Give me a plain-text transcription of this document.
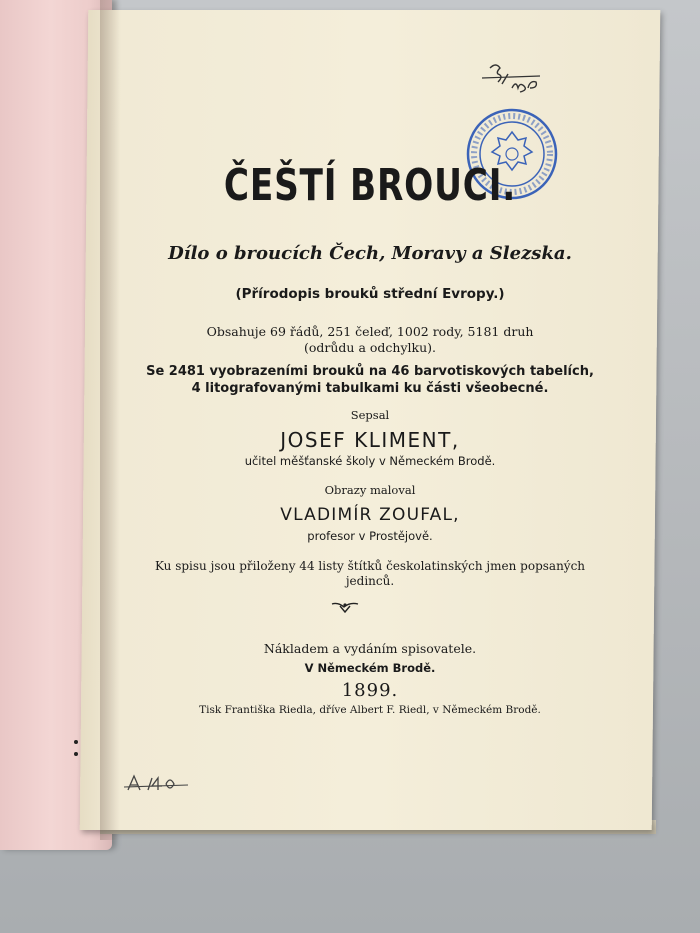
ČEŠTÍ BROUCI.
Dílo o broucích Čech, Moravy a Slezska.
(Přírodopis brouků střední Evropy.)
Obsahuje 69 řádů, 251 čeleď, 1002 rody, 5181 druh
(odrůdu a odchylku).
Se 2481 vyobrazeními brouků na 46 barvotiskových tabelích,
4 litografovanými tabulkami ku části všeobecné.
Sepsal
JOSEF KLIMENT,
učitel měšťanské školy v Německém Brodě.
Obrazy maloval
VLADIMÍR ZOUFAL,
profesor v Prostějově.
Ku spisu jsou přiloženy 44 listy štítků českolatinských jmen popsaných
jedinců.
Nákladem a vydáním spisovatele.
V Německém Brodě.
1899.
Tisk Františka Riedla, dříve Albert F. Riedl, v Německém Brodě.
